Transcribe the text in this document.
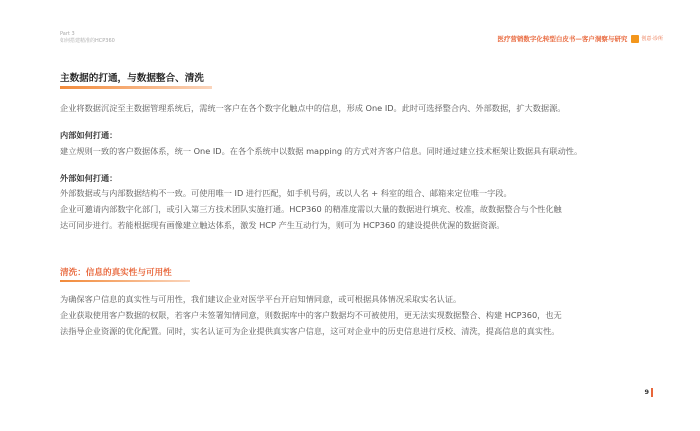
Part 3
如何搭建精准的HCP360	医疗营销数字化转型白皮书—客户洞察与研究	创意·诊所
主数据的打通，与数据整合、清洗
企业将数据沉淀至主数据管理系统后，需统一客户在各个数字化触点中的信息，形成 One ID。此时可选择整合内、外部数据，扩大数据源。
内部如何打通：
建立规则一致的客户数据体系，统一 One ID。在各个系统中以数据 mapping 的方式对齐客户信息。同时通过建立技术框架让数据具有联动性。
外部如何打通：
外部数据或与内部数据结构不一致。可使用唯一 ID 进行匹配，如手机号码，或以人名 + 科室的组合、邮箱来定位唯一字段。
企业可邀请内部数字化部门，或引入第三方技术团队实施打通。HCP360 的精准度需以大量的数据进行填充、校准，故数据整合与个性化触
达可同步进行。若能根据现有画像建立触达体系，激发 HCP 产生互动行为，则可为 HCP360 的建设提供优渥的数据资源。
清洗：信息的真实性与可用性
为确保客户信息的真实性与可用性，我们建议企业对医学平台开启知情同意，或可根据具体情况采取实名认证。
企业获取使用客户数据的权限，若客户未签署知情同意，则数据库中的客户数据均不可被使用，更无法实现数据整合、构建 HCP360，也无
法指导企业资源的优化配置。同时，实名认证可为企业提供真实客户信息，这可对企业中的历史信息进行反校、清洗，提高信息的真实性。
9
